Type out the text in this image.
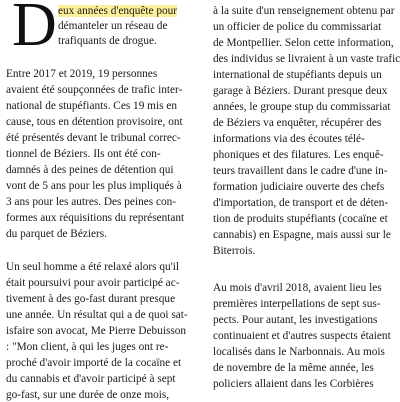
D eux années d'enquête pour
démanteler un réseau de
trafiquants de drogue.
Entre 2017 et 2019, 19 personnes
avaient été soupçonnées de trafic inter-
national de stupéfiants. Ces 19 mis en
cause, tous en détention provisoire, ont
été présentés devant le tribunal correc-
tionnel de Béziers. Ils ont été con-
damnés à des peines de détention qui
vont de 5 ans pour les plus impliqués à
3 ans pour les autres. Des peines con-
formes aux réquisitions du représentant
du parquet de Béziers.
Un seul homme a été relaxé alors qu'il
était poursuivi pour avoir participé ac-
tivement à des go-fast durant presque
une année. Un résultat qui a de quoi sat-
isfaire son avocat, Me Pierre Debuisson
: "Mon client, à qui les juges ont re-
proché d'avoir importé de la cocaïne et
du cannabis et d'avoir participé à sept
go-fast, sur une durée de onze mois,
à la suite d'un renseignement obtenu par
un officier de police du commissariat
de Montpellier. Selon cette information,
des individus se livraient à un vaste trafic
international de stupéfiants depuis un
garage à Béziers. Durant presque deux
années, le groupe stup du commissariat
de Béziers va enquêter, récupérer des
informations via des écoutes télé-
phoniques et des filatures. Les enquê-
teurs travaillent dans le cadre d'une in-
formation judiciaire ouverte des chefs
d'importation, de transport et de déten-
tion de produits stupéfiants (cocaïne et
cannabis) en Espagne, mais aussi sur le
Biterrois.
Au mois d'avril 2018, avaient lieu les
premières interpellations de sept sus-
pects. Pour autant, les investigations
continuaient et d'autres suspects étaient
localisés dans le Narbonnais. Au mois
de novembre de la même année, les
policiers allaient dans les Corbières
